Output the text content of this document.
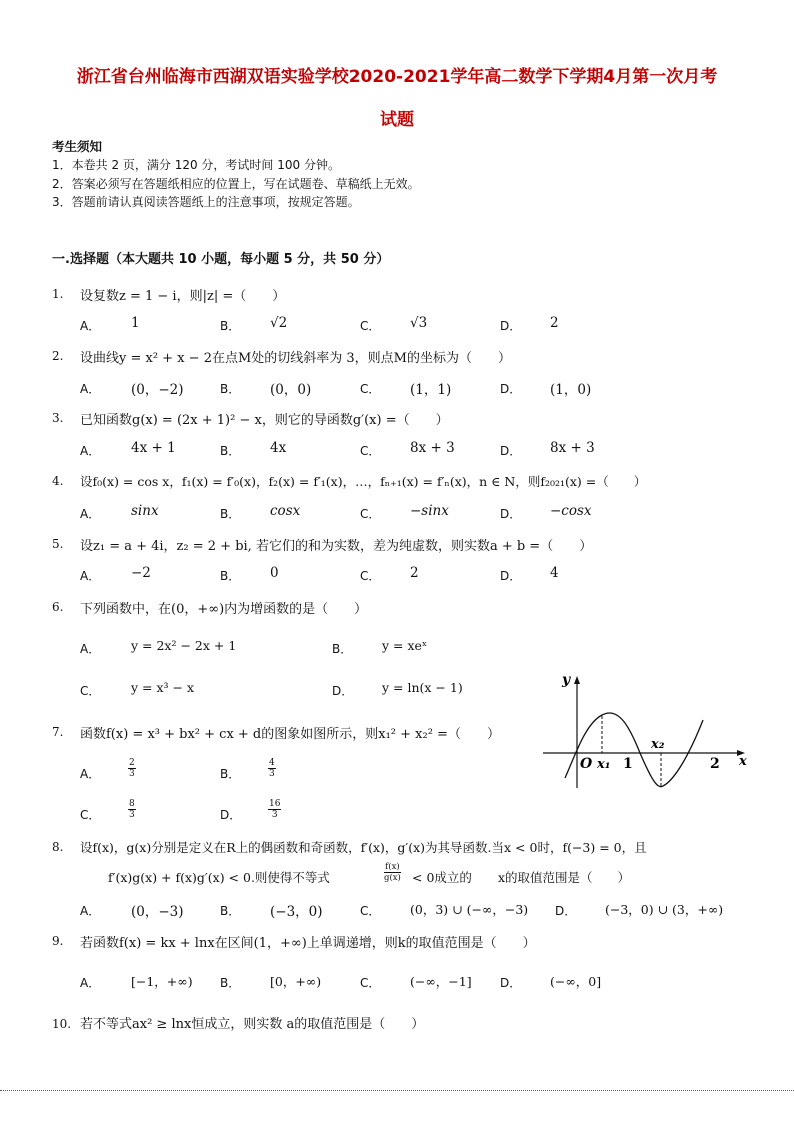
浙江省台州临海市西湖双语实验学校2020-2021学年高二数学下学期4月第一次月考
试题
考生须知
1．本卷共 2 页，满分 120 分，考试时间 100 分钟。
2．答案必须写在答题纸相应的位置上，写在试题卷、草稿纸上无效。
3．答题前请认真阅读答题纸上的注意事项，按规定答题。
一.选择题（本大题共 10 小题，每小题 5 分，共 50 分）
1. 设复数z = 1 − i，则|z| =（　　）
A． 1	B． √2	C． √3	D． 2
2. 设曲线y = x² + x − 2在点M处的切线斜率为 3，则点M的坐标为（　　）
A． (0，−2)	B． (0，0)	C． (1，1)	D． (1，0)
3. 已知函数g(x) = (2x + 1)² − x，则它的导函数g′(x) =（　　）
A． 4x + 1	B． 4x	C． 8x + 3	D． 8x + 3
4. 设f₀(x) = cos x，f₁(x) = f′₀(x)，f₂(x) = f′₁(x)，…，fₙ₊₁(x) = f′ₙ(x)，n ∈ N，则f₂₀₂₁(x) =（　　）
A． sinx	B． cosx	C． −sinx	D． −cosx
5. 设z₁ = a + 4i，z₂ = 2 + bi, 若它们的和为实数，差为纯虚数，则实数a + b =（　　）
A． −2	B． 0	C． 2	D． 4
6. 下列函数中，在(0，+∞)内为增函数的是（　　）
A． y = 2x² − 2x + 1	B． y = xeˣ
C． y = x³ − x	D． y = ln(x − 1)	y
x
O x₁ 1
x₂
2
7. 函数f(x) = x³ + bx² + cx + d的图象如图所示，则x₁² + x₂² =（　　）
A．	$\frac{2}{3}$	B．	$\frac{4}{3}$
C．	$\frac{8}{3}$	D．	$\frac{16}{3}$
8. 设f(x)，g(x)分别是定义在R上的偶函数和奇函数，f′(x)，g′(x)为其导函数.当x < 0时，f(−3) = 0，且
f′(x)g(x) + f(x)g′(x) < 0.则使得不等式	$\frac{f(x)}{g(x)} < 0$成立的 x的取值范围是（　　）
A． (0，−3)	B． (−3，0)	C． (0，3) ∪ (−∞，−3) D． (−3，0) ∪ (3，+∞)
9. 若函数f(x) = kx + lnx在区间(1，+∞)上单调递增，则k的取值范围是（　　）
A． [−1，+∞) B． [0，+∞)	C． (−∞，−1] D． (−∞，0]
10. 若不等式ax² ≥ lnx恒成立，则实数 a的取值范围是（　　）
